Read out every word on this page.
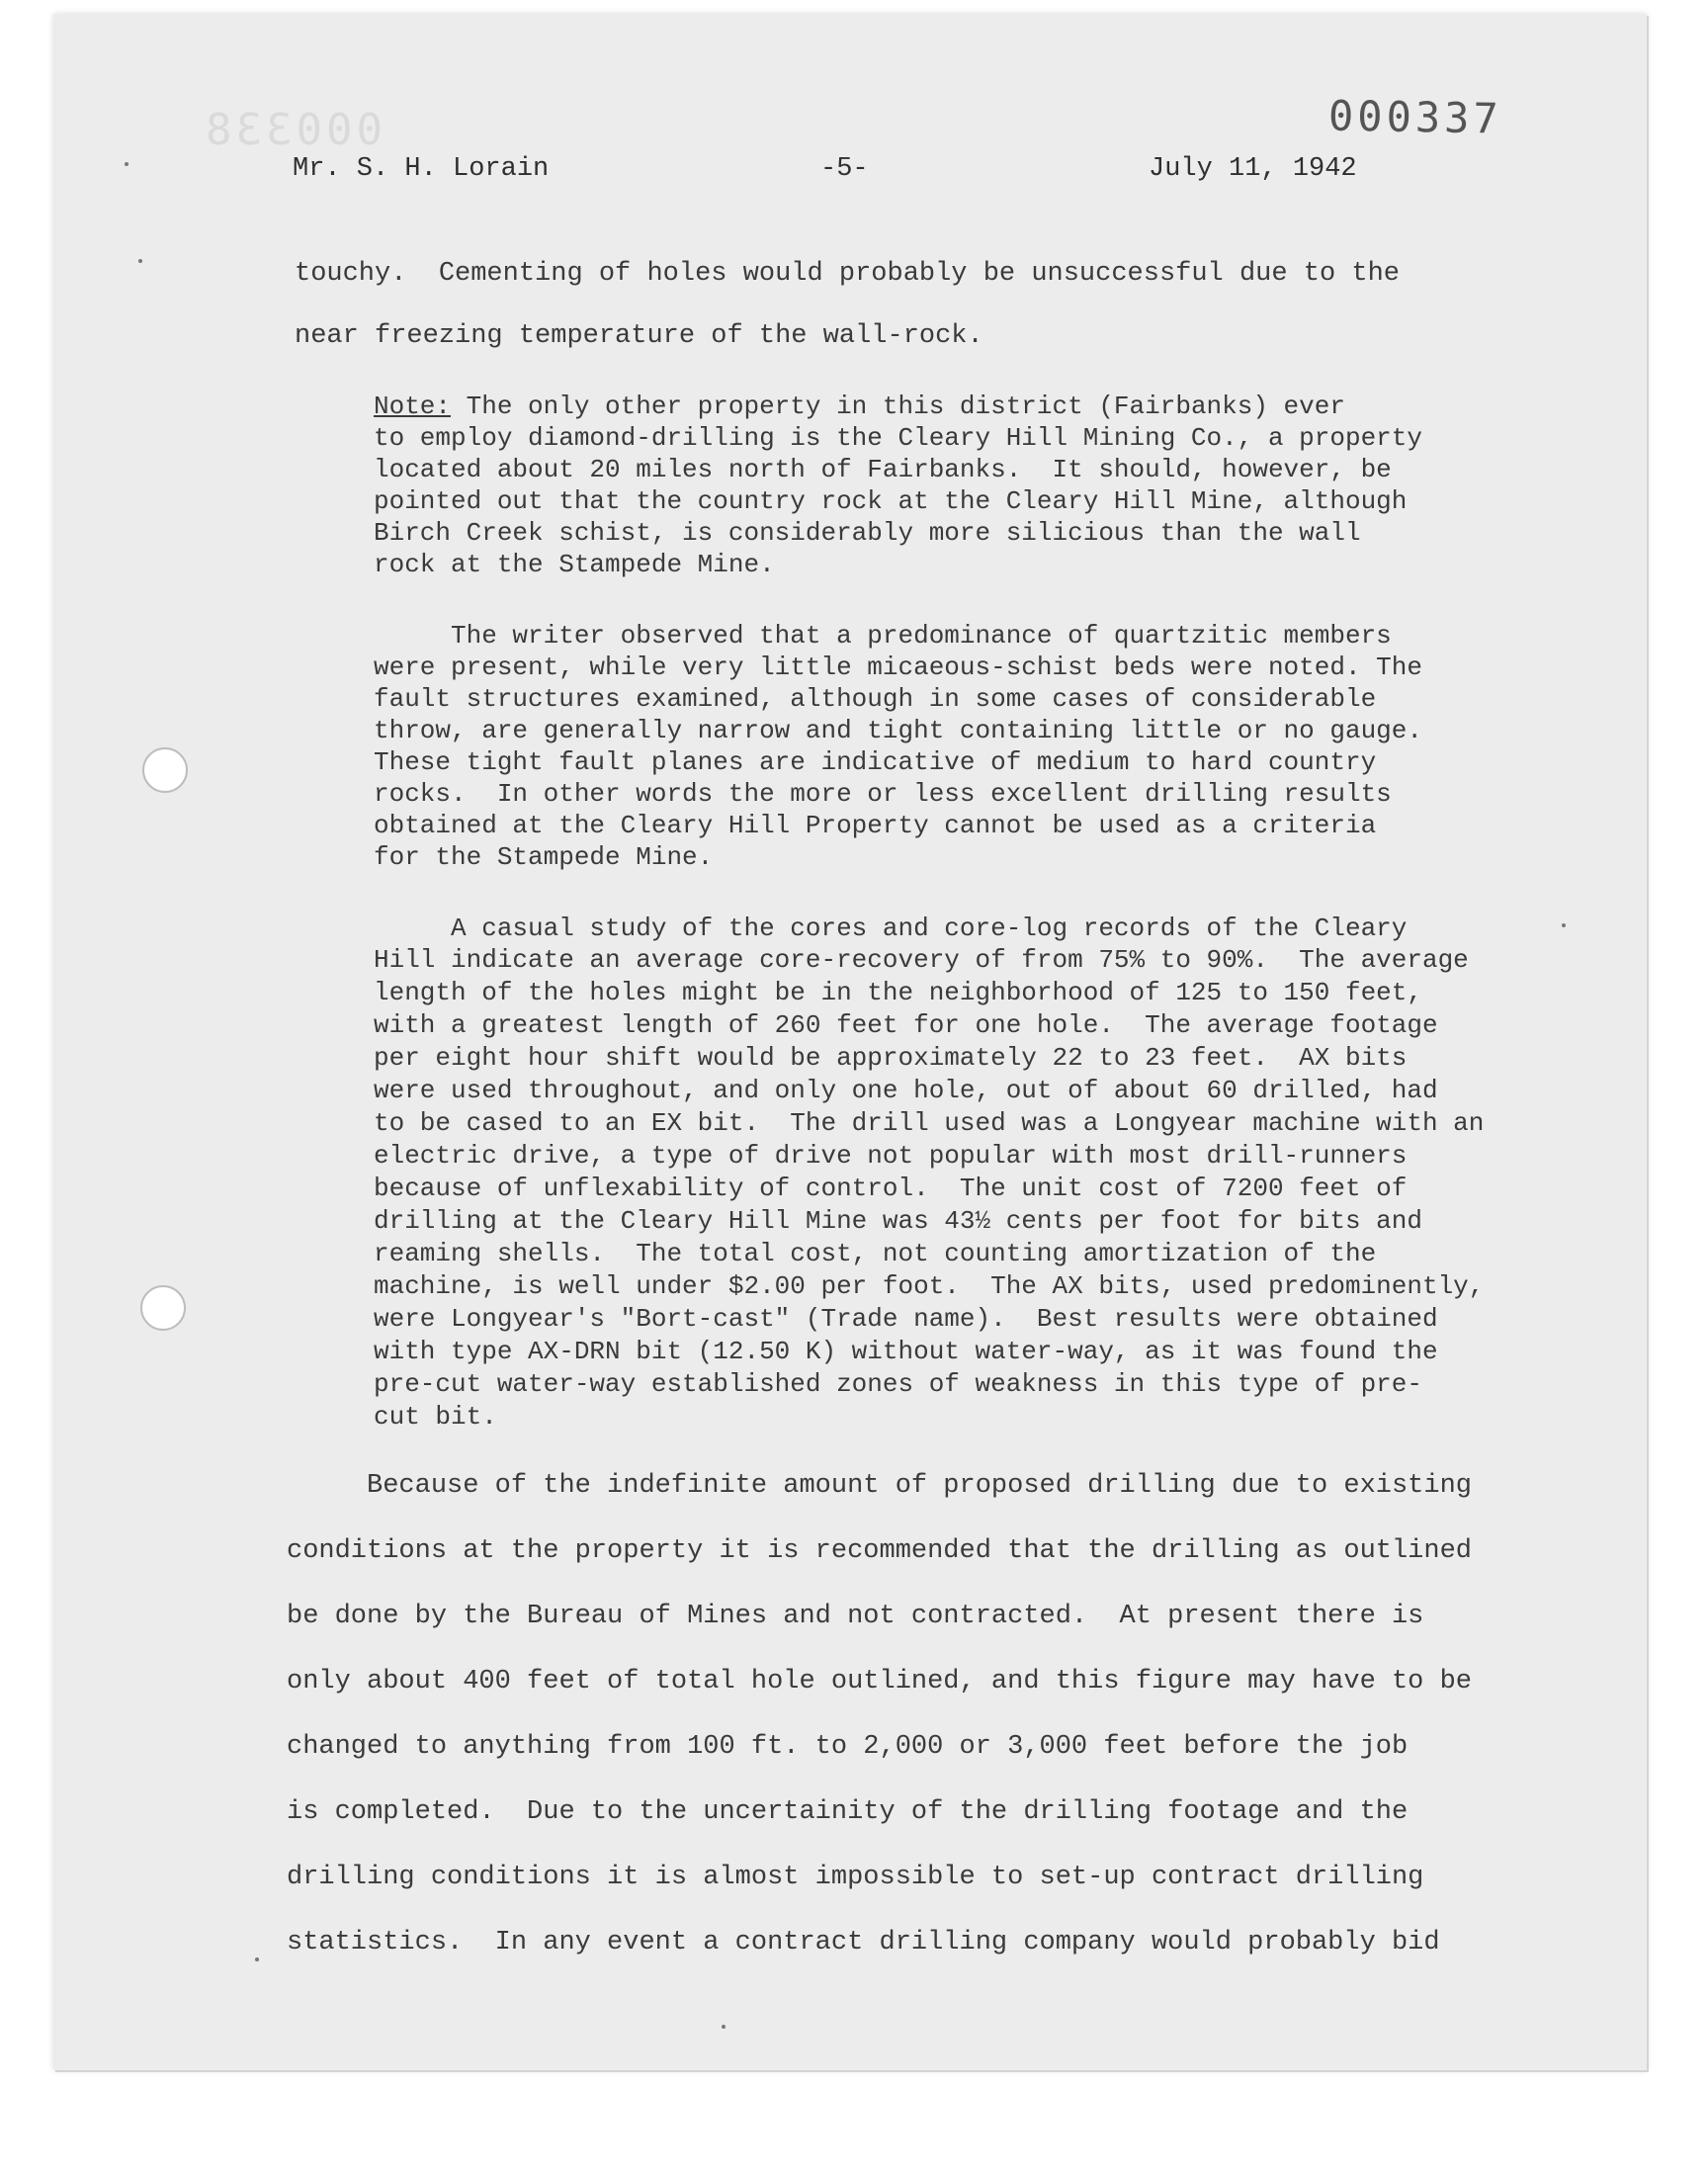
000338	000337
Mr. S. H. Lorain	-5-	July 11, 1942
touchy.  Cementing of holes would probably be unsuccessful due to the
near freezing temperature of the wall-rock.
Note: The only other property in this district (Fairbanks) ever
to employ diamond-drilling is the Cleary Hill Mining Co., a property
located about 20 miles north of Fairbanks.  It should, however, be
pointed out that the country rock at the Cleary Hill Mine, although
Birch Creek schist, is considerably more silicious than the wall
rock at the Stampede Mine.
The writer observed that a predominance of quartzitic members
were present, while very little micaeous-schist beds were noted. The
fault structures examined, although in some cases of considerable
throw, are generally narrow and tight containing little or no gauge.
These tight fault planes are indicative of medium to hard country
rocks.  In other words the more or less excellent drilling results
obtained at the Cleary Hill Property cannot be used as a criteria
for the Stampede Mine.
A casual study of the cores and core-log records of the Cleary
Hill indicate an average core-recovery of from 75% to 90%.  The average
length of the holes might be in the neighborhood of 125 to 150 feet,
with a greatest length of 260 feet for one hole.  The average footage
per eight hour shift would be approximately 22 to 23 feet.  AX bits
were used throughout, and only one hole, out of about 60 drilled, had
to be cased to an EX bit.  The drill used was a Longyear machine with an
electric drive, a type of drive not popular with most drill-runners
because of unflexability of control.  The unit cost of 7200 feet of
drilling at the Cleary Hill Mine was 43½ cents per foot for bits and
reaming shells.  The total cost, not counting amortization of the
machine, is well under $2.00 per foot.  The AX bits, used predominently,
were Longyear's "Bort-cast" (Trade name).  Best results were obtained
with type AX-DRN bit (12.50 K) without water-way, as it was found the
pre-cut water-way established zones of weakness in this type of pre-
cut bit.
Because of the indefinite amount of proposed drilling due to existing
conditions at the property it is recommended that the drilling as outlined
be done by the Bureau of Mines and not contracted.  At present there is
only about 400 feet of total hole outlined, and this figure may have to be
changed to anything from 100 ft. to 2,000 or 3,000 feet before the job
is completed.  Due to the uncertainity of the drilling footage and the
drilling conditions it is almost impossible to set-up contract drilling
statistics.  In any event a contract drilling company would probably bid
